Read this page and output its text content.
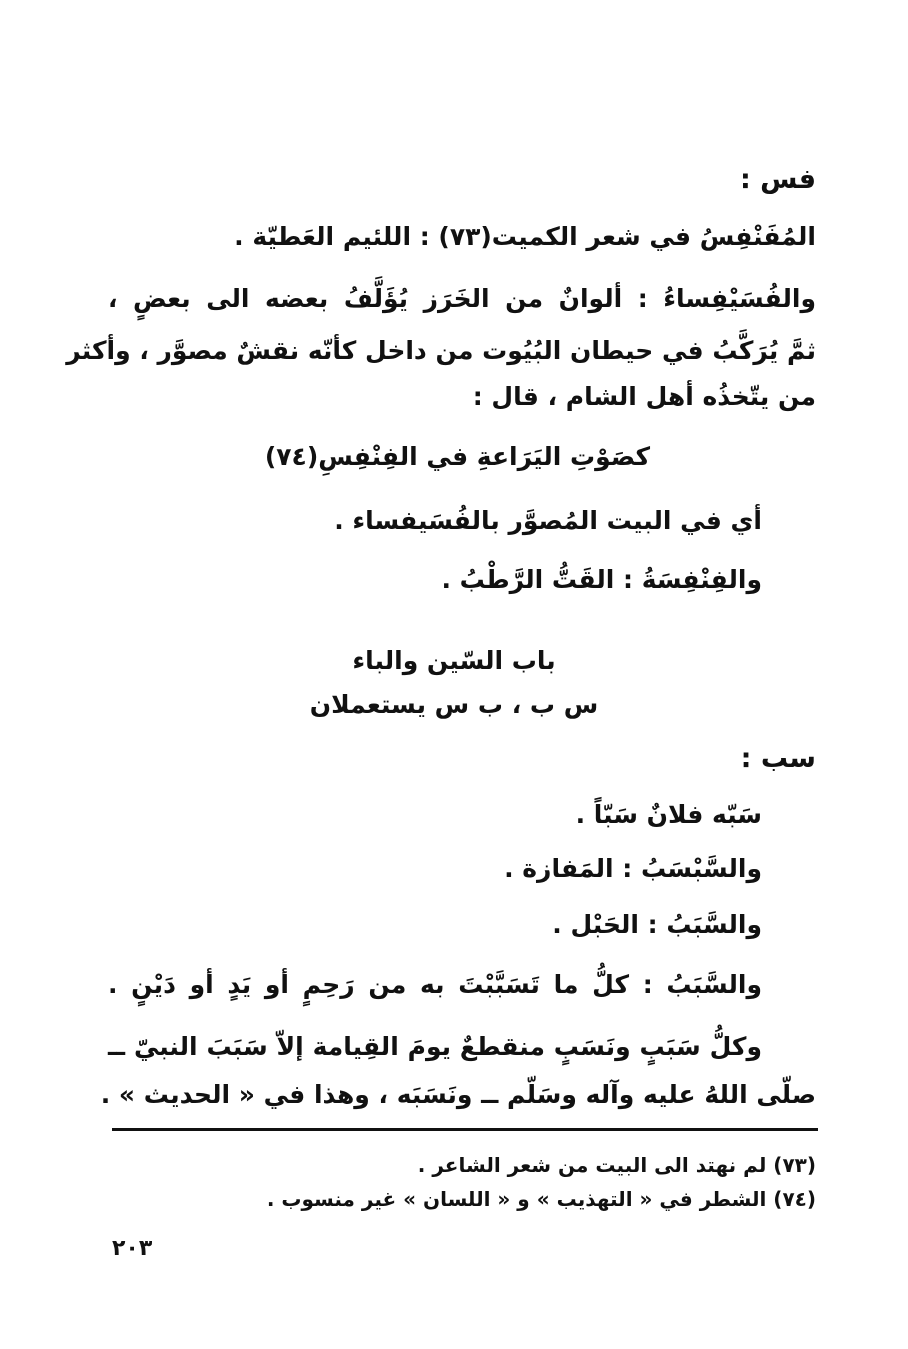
فس :
المُفَنْفِسُ في شعر الكميت(٧٣) : اللئيم العَطيّة .
والفُسَيْفِساءُ : ألوانٌ من الخَرَز يُؤَلَّفُ بعضه الى بعضٍ ،
ثمَّ يُرَكَّبُ في حيطان البُيُوت من داخل كأنّه نقشٌ مصوَّر ، وأكثر
من يتّخذُه أهل الشام ، قال :
كصَوْتِ اليَرَاعةِ في الفِنْفِسِ(٧٤)
أي في البيت المُصوَّر بالفُسَيفساء .
والفِنْفِسَةُ : القَتُّ الرَّطْبُ .
باب السّين والباء
س ب ، ب س يستعملان
سب :
سَبّه فلانٌ سَبّاً .
والسَّبْسَبُ : المَفازة .
والسَّبَبُ : الحَبْل .
والسَّبَبُ : كلُّ ما تَسَبَّبْتَ به من رَحِمٍ أو يَدٍ أو دَيْنٍ .
وكلُّ سَبَبٍ ونَسَبٍ منقطعٌ يومَ القِيامة إلاّ سَبَبَ النبيّ ــ
صلّى اللهُ عليه وآله وسَلّم ــ ونَسَبَه ، وهذا في « الحديث » .
(٧٣) لم نهتد الى البيت من شعر الشاعر .
(٧٤) الشطر في « التهذيب » و « اللسان » غير منسوب .
٢٠٣
